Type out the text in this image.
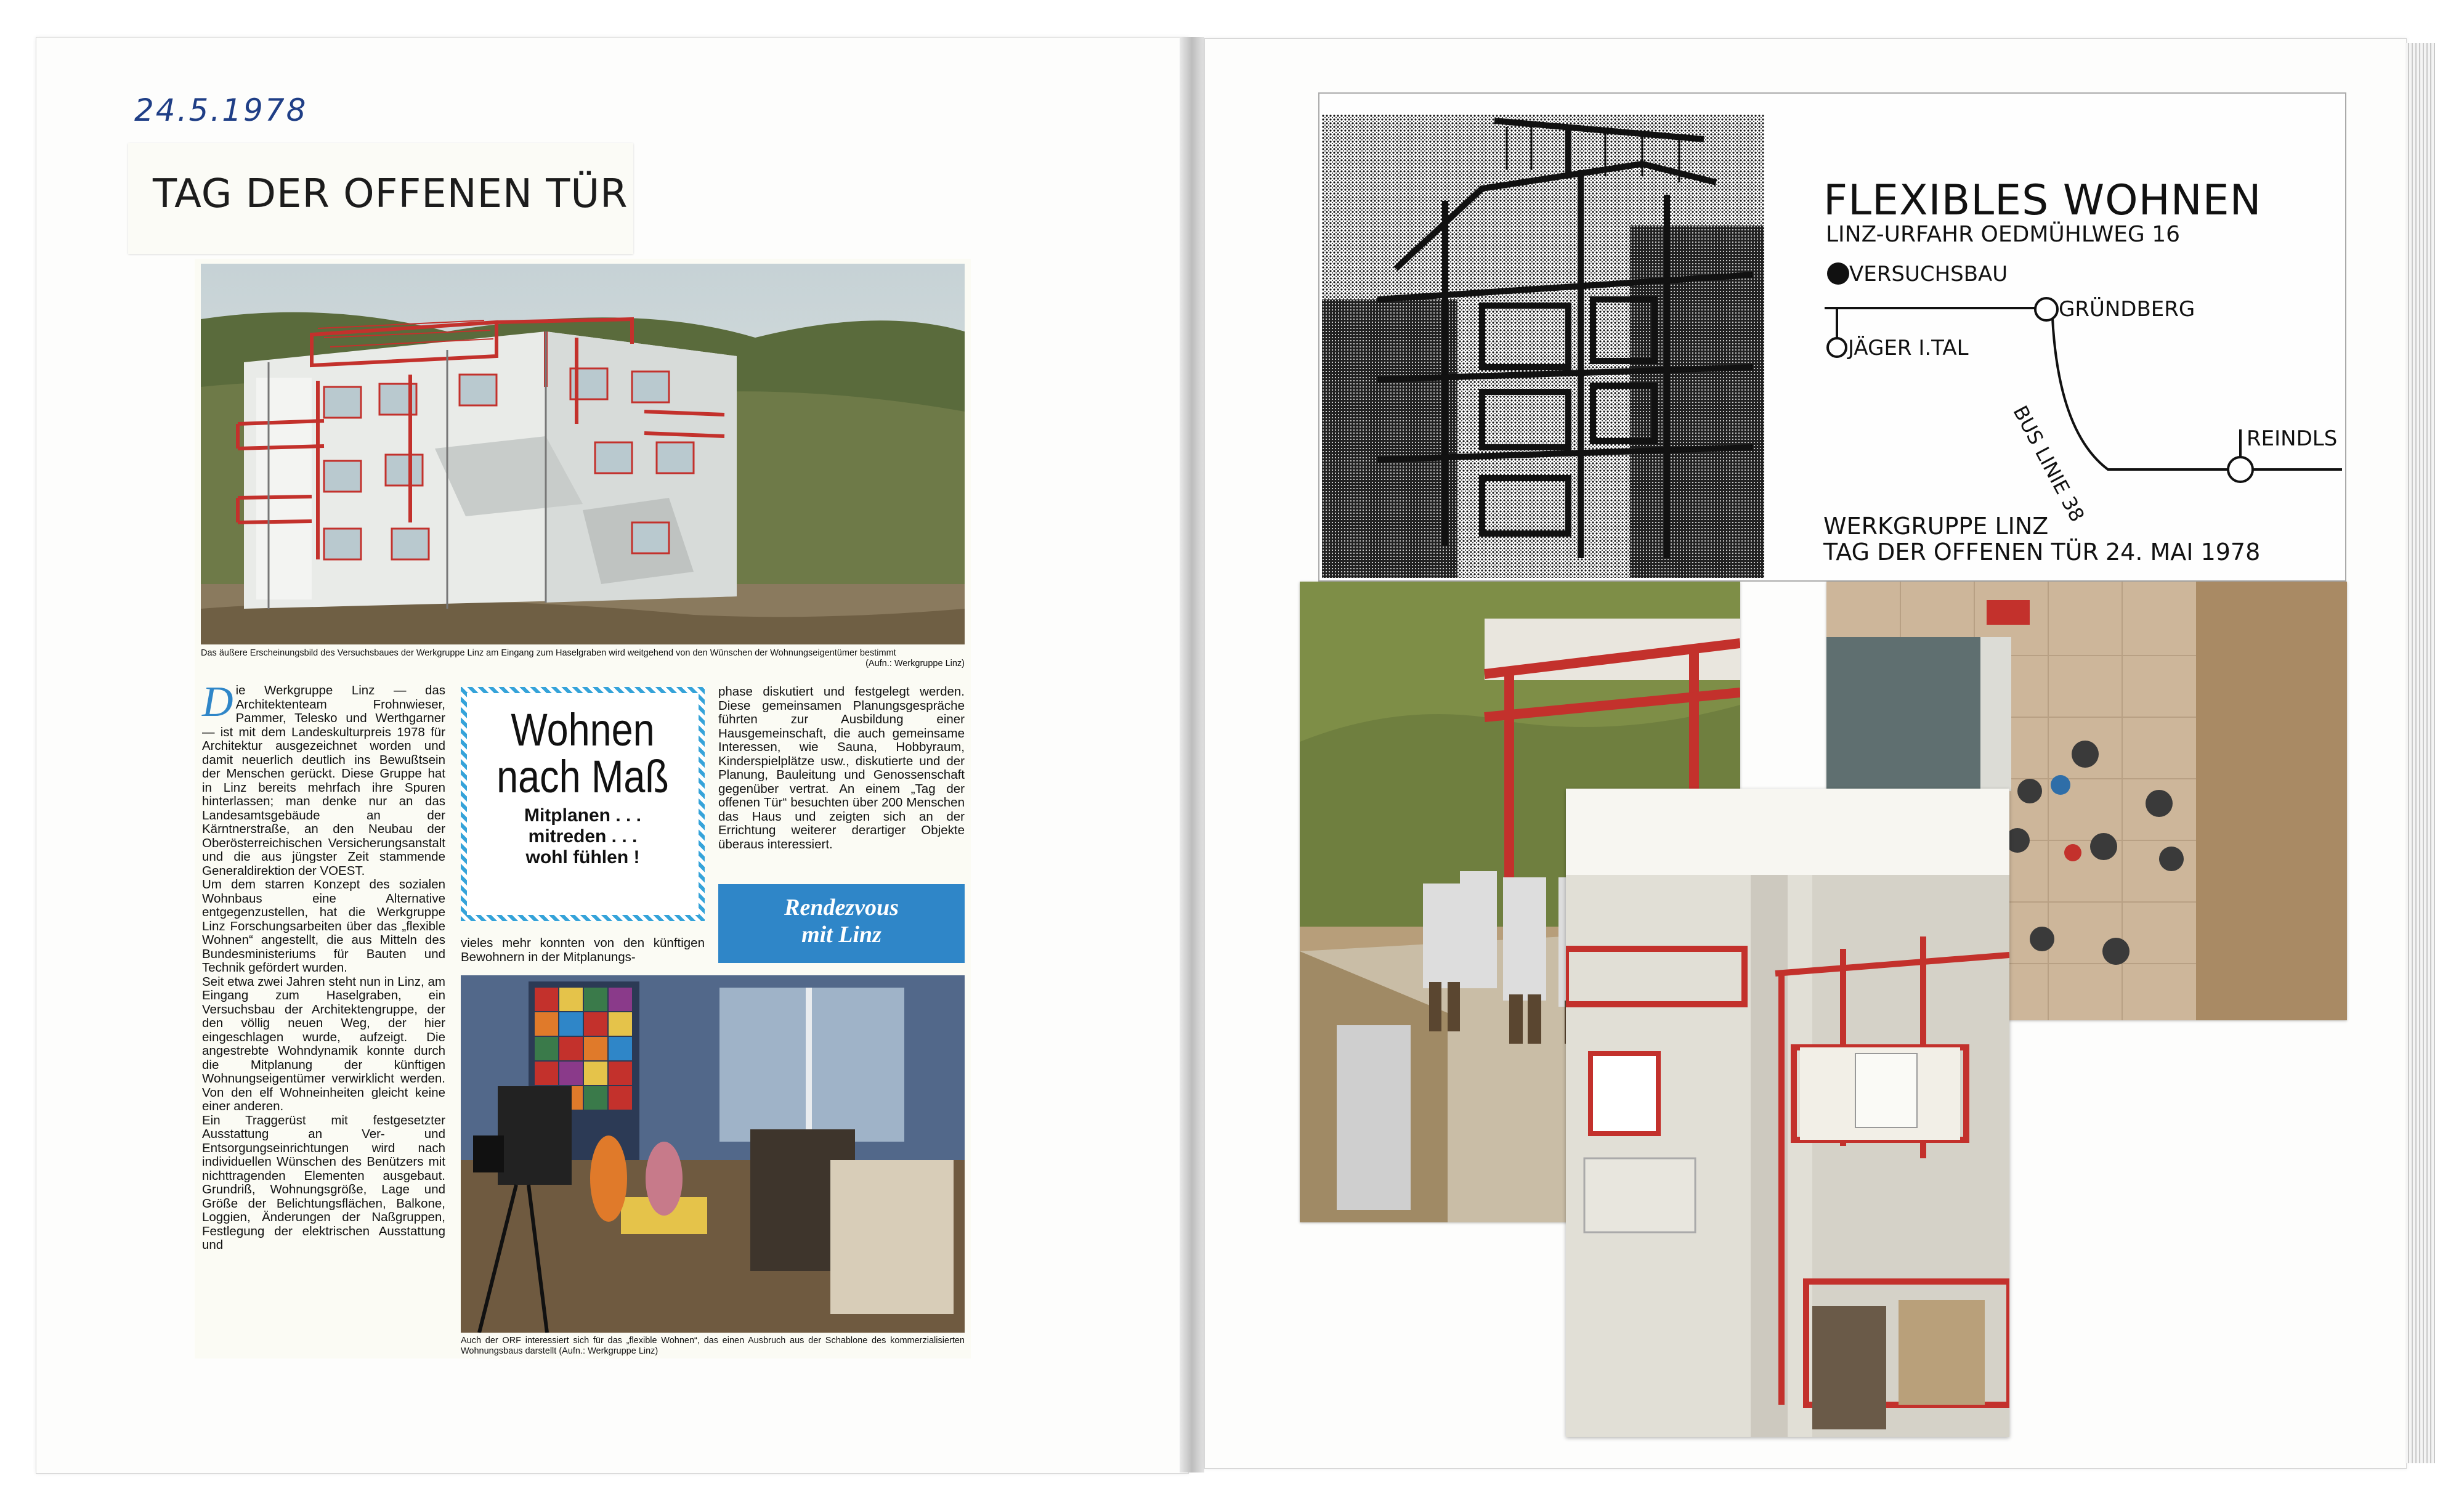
24.5.1978
TAG DER OFFENEN TÜR
Das äußere Erscheinungsbild des Versuchsbaues der Werkgruppe Linz am Eingang zum Haselgraben wird weitgehend von den Wünschen der Wohnungseigentümer bestimmt
(Aufn.: Werkgruppe Linz)
D ie Werkgruppe Linz — das Architektenteam Frohnwieser, Pammer, Telesko und Werthgarner — ist mit dem Landeskulturpreis 1978 für Architektur ausgezeichnet worden und damit neuerlich deutlich ins Bewußtsein der Menschen gerückt. Diese Gruppe hat in Linz bereits mehrfach ihre Spuren hinterlassen; man denke nur an das Landesamtsgebäude an der Kärntnerstraße, an den Neubau der Oberösterreichischen Versicherungsanstalt und die aus jüngster Zeit stammende Generaldirektion der VOEST.
Um dem starren Konzept des sozialen Wohnbaus eine Alternative entgegenzustellen, hat die Werkgruppe Linz Forschungsarbeiten über das „flexible Wohnen“ angestellt, die aus Mitteln des Bundesministeriums für Bauten und Technik gefördert wurden.
Seit etwa zwei Jahren steht nun in Linz, am Eingang zum Haselgraben, ein Versuchsbau der Architektengruppe, der den völlig neuen Weg, der hier eingeschlagen wurde, aufzeigt. Die angestrebte Wohndynamik konnte durch die Mitplanung der künftigen Wohnungseigentümer verwirklicht werden. Von den elf Wohneinheiten gleicht keine einer anderen.
Ein Traggerüst mit festgesetzter Ausstattung an Ver- und Entsorgungseinrichtungen wird nach individuellen Wünschen des Benützers mit nichttragenden Elementen ausgebaut. Grundriß, Wohnungsgröße, Lage und Größe der Belichtungsflächen, Balkone, Loggien, Änderungen der Naßgruppen, Festlegung der elektrischen Ausstattung und
Wohnen
nach Maß
Mitplanen . . .
mitreden . . .
wohl fühlen !
phase diskutiert und festgelegt werden. Diese gemeinsamen Planungsgespräche führten zur Ausbildung einer Hausgemeinschaft, die auch gemeinsame Interessen, wie Sauna, Hobbyraum, Kinderspielplätze usw., diskutierte und der Planung, Bauleitung und Genossenschaft gegenüber vertrat. An einem „Tag der offenen Tür“ besuchten über 200 Menschen das Haus und zeigten sich an der Errichtung weiterer derartiger Objekte überaus interessiert.
Rendezvous
mit Linz
vieles mehr konnten von den künftigen Bewohnern in der Mitplanungs-
Auch der ORF interessiert sich für das „flexible Wohnen“, das einen Ausbruch aus der Schablone des kommerzialisierten Wohnungsbaus darstellt (Aufn.: Werkgruppe Linz)
FLEXIBLES WOHNEN
LINZ-URFAHR OEDMÜHLWEG 16
VERSUCHSBAU
GRÜNDBERG
JÄGER I.TAL
BUS LINIE 38	REINDLS
WERKGRUPPE LINZ
TAG DER OFFENEN TÜR 24. MAI 1978
